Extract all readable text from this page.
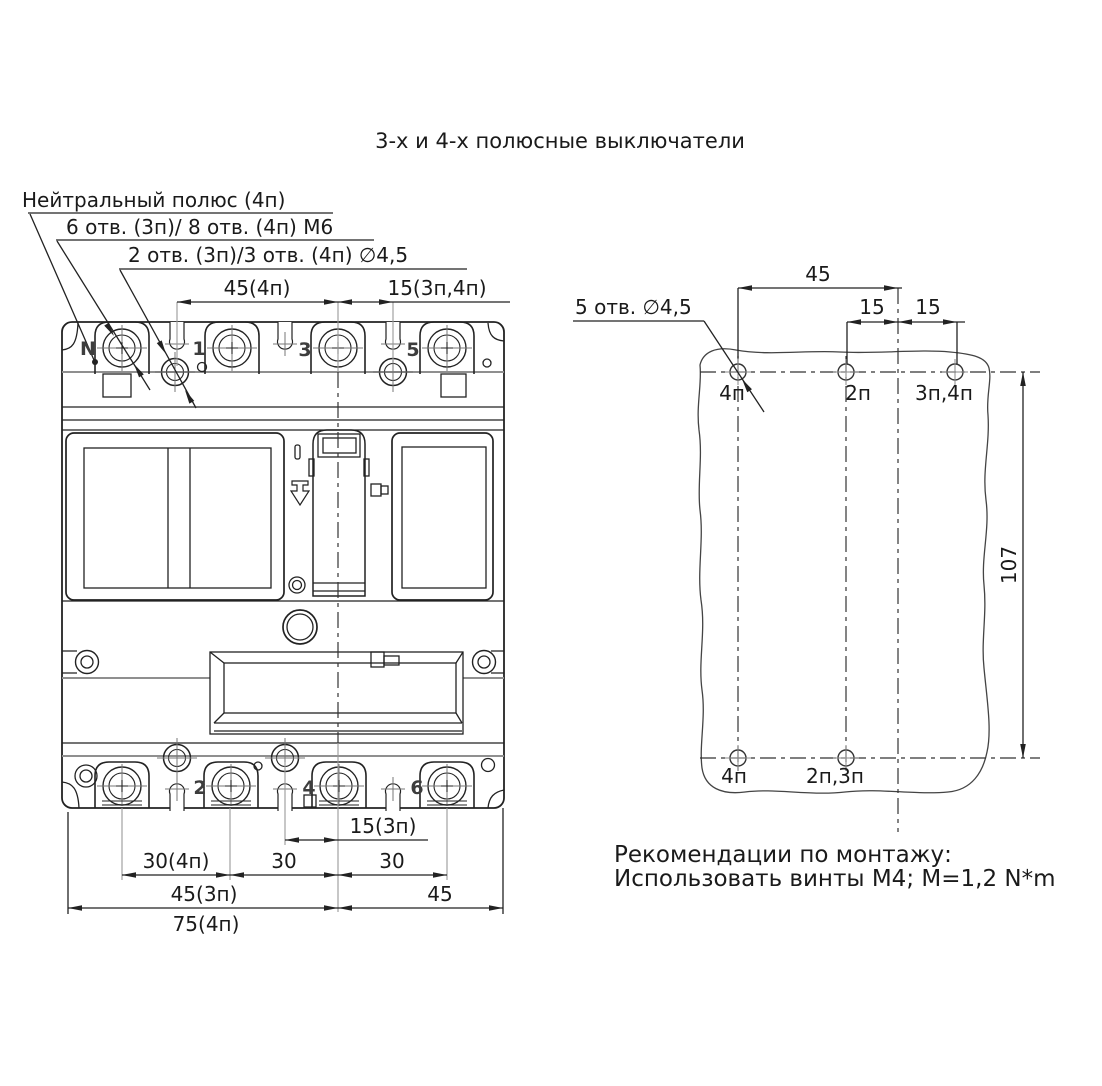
3-х и 4-х полюсные выключатели
Нейтральный полюс (4п)
6 отв. (3п)/ 8 отв. (4п) М6
2 отв. (3п)/3 отв. (4п) ∅4,5
45(4п)	15(3п,4п)
15(3п)
30(4п)	30	30
45(3п)	45
75(4п)
N	1	3	5
2	4	6
45
15 15
107
5 отв. ∅4,5
4п	2п 3п,4п
4п	2п,3п
Рекомендации по монтажу:
Использовать винты М4; М=1,2 N*m
